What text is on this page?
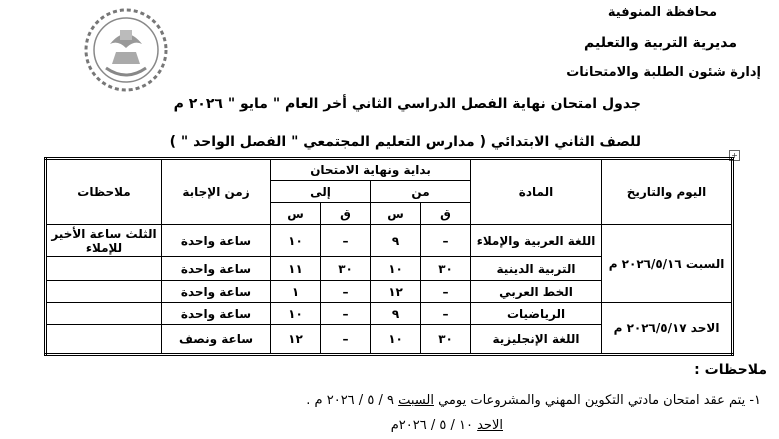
محافظة المنوفية
مديرية التربية والتعليم
إدارة شئون الطلبة والامتحانات
جدول امتحان نهاية الفصل الدراسي الثاني أخر العام " مايو " ٢٠٢٦ م
للصف الثاني الابتدائي ( مدارس التعليم المجتمعي " الفصل الواحد " )
+
اليوم والتاريخ	المادة	بداية ونهاية الامتحان				زمن الإجابة	ملاحظات
		من		إلى			
		ق	س	ق	س		
السبت ٢٠٢٦/٥/١٦ م	اللغة العربية والإملاء	–	٩	–	١٠	ساعة واحدة	الثلث ساعة الأخير للإملاء
	التربية الدينية	٣٠	١٠	٣٠	١١	ساعة واحدة	
	الخط العربي	–	١٢	–	١	ساعة واحدة	
الاحد ٢٠٢٦/٥/١٧ م	الرياضيات	–	٩	–	١٠	ساعة واحدة	
	اللغة الإنجليزية	٣٠	١٠	–	١٢	ساعة ونصف	
ملاحظات :
١- يتم عقد امتحان مادتي التكوين المهني والمشروعات يومي السبت ٩ / ٥ / ٢٠٢٦ م .
الاحد ١٠ / ٥ / ٢٠٢٦م
